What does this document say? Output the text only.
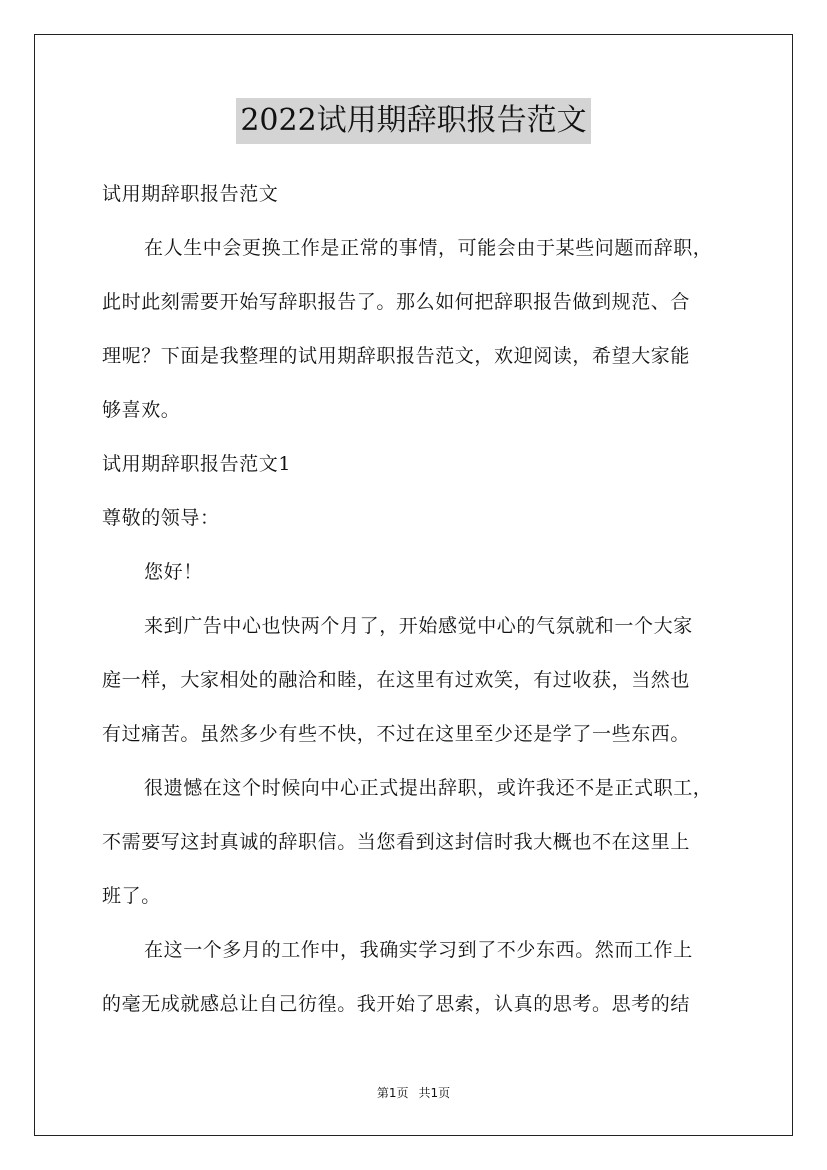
2022试用期辞职报告范文
试用期辞职报告范文
在人生中会更换工作是正常的事情，可能会由于某些问题而辞职，
此时此刻需要开始写辞职报告了。那么如何把辞职报告做到规范、合
理呢？下面是我整理的试用期辞职报告范文，欢迎阅读，希望大家能
够喜欢。
试用期辞职报告范文1
尊敬的领导：
您好！
来到广告中心也快两个月了，开始感觉中心的气氛就和一个大家
庭一样，大家相处的融洽和睦，在这里有过欢笑，有过收获，当然也
有过痛苦。虽然多少有些不快，不过在这里至少还是学了一些东西。
很遗憾在这个时候向中心正式提出辞职，或许我还不是正式职工，
不需要写这封真诚的辞职信。当您看到这封信时我大概也不在这里上
班了。
在这一个多月的工作中，我确实学习到了不少东西。然而工作上
的毫无成就感总让自己彷徨。我开始了思索，认真的思考。思考的结
第1页 共1页
